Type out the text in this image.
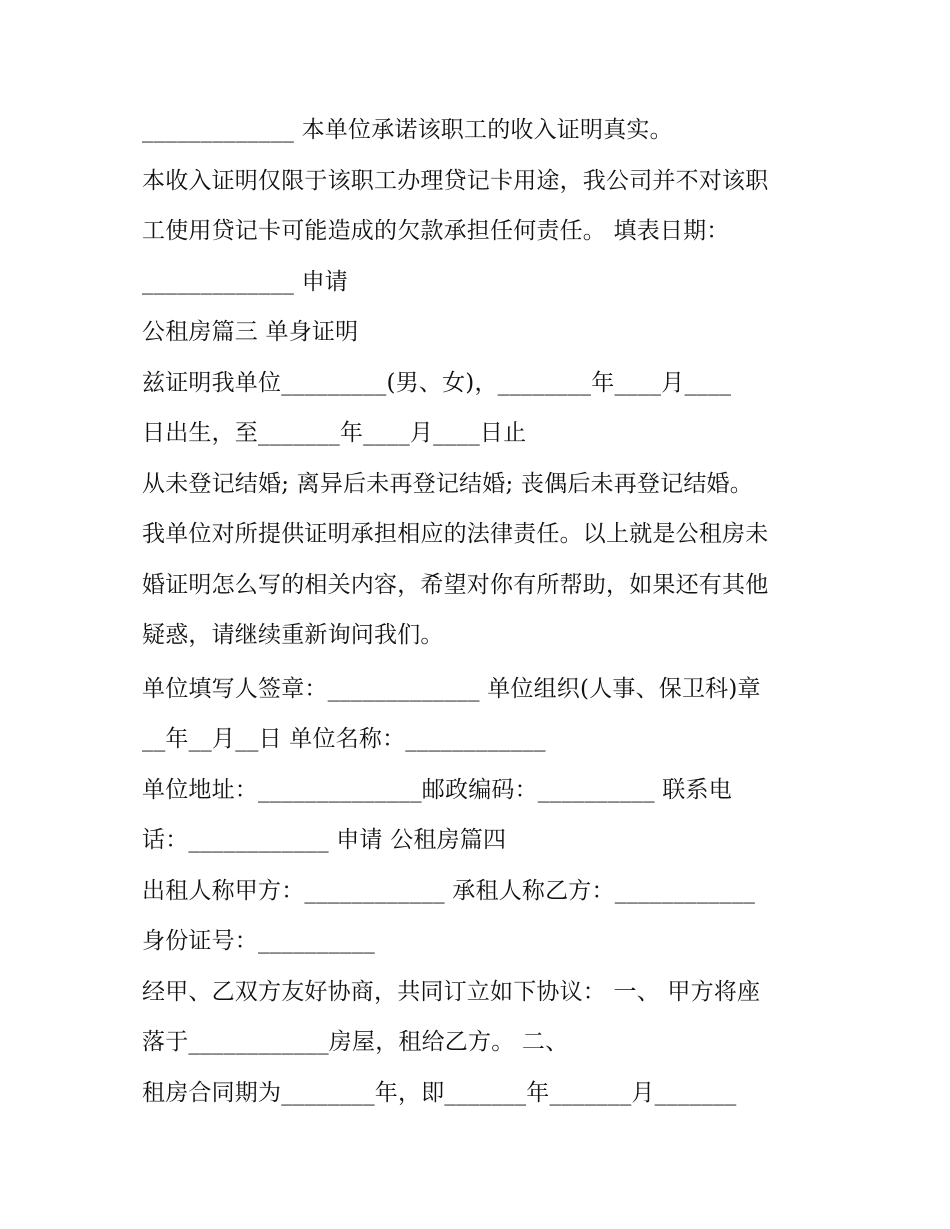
_____________ 本单位承诺该职工的收入证明真实。
本收入证明仅限于该职工办理贷记卡用途，我公司并不对该职
工使用贷记卡可能造成的欠款承担任何责任。 填表日期：
_____________ 申请
公租房篇三 单身证明
兹证明我单位_________(男、女)，________年____月____
日出生，至_______年____月____日止
从未登记结婚; 离异后未再登记结婚; 丧偶后未再登记结婚。
我单位对所提供证明承担相应的法律责任。以上就是公租房未
婚证明怎么写的相关内容，希望对你有所帮助，如果还有其他
疑惑，请继续重新询问我们。
单位填写人签章：_____________ 单位组织(人事、保卫科)章
__年__月__日 单位名称：____________
单位地址：______________邮政编码：__________ 联系电
话：____________ 申请 公租房篇四
出租人称甲方：____________ 承租人称乙方：____________
身份证号：__________
经甲、乙双方友好协商，共同订立如下协议： 一、 甲方将座
落于____________房屋，租给乙方。 二、
租房合同期为________年，即_______年_______月_______
